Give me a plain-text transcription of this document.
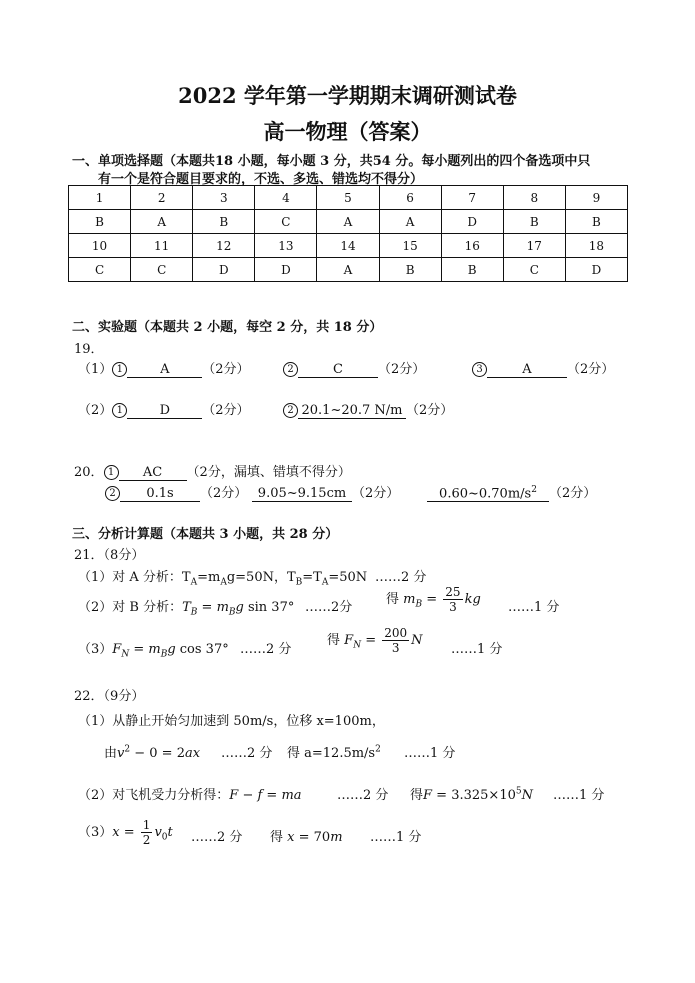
2022 学年第一学期期末调研测试卷
高一物理（答案）
一、单项选择题（本题共18 小题，每小题 3 分，共54 分。每小题列出的四个备选项中只
有一个是符合题目要求的，不选、多选、错选均不得分）
1	2	3	4	5	6	7	8	9
B	A	B	C	A	A	D	B	B
10	11	12	13	14	15	16	17	18
C	C	D	D	A	B	B	C	D
二、实验题（本题共 2 小题，每空 2 分，共 18 分）
19．
（1） 1	A	（2分）	2	C	（2分）	3	A	（2分）
（2） 1	D （2分）	2 20.1~20.7 N/m （2分）
20． 1 AC （2分，漏填、错填不得分）
2 0.1s （2分） 9.05~9.15cm （2分）	$0.60\sim 0.70m/s^2$ （2分）
三、分析计算题（本题共 3 小题，共 28 分）
21．（8分）
（1）对 A 分析：$T_A=m_Ag=50N$，$T_B=T_A=50N$ ……2 分
（2）对 B 分析：$T_B = m_Bg$ sin 37° ……2分
得 $m_B = \frac{25}{3}$ kg
……1 分
$(3)F_N = m_Bg$ cos 37° ……2 分
得 $F_N = \frac{200}{3}$ N
……1 分
22．（9分）
（1）从静止开始匀加速到 50m/s，位移 x=100m，
由$v^2 - 0 = 2ax$ ……2 分 得 $a=12.5m/s^2$ ……1 分
（2）对飞机受力分析得：F − f = ma	……2 分 得$F = 3.325\times 10^5N$ ……1 分
$(3)x = \frac{1}{2} v_0t$ ……2 分 得 x = 70m ……1 分
